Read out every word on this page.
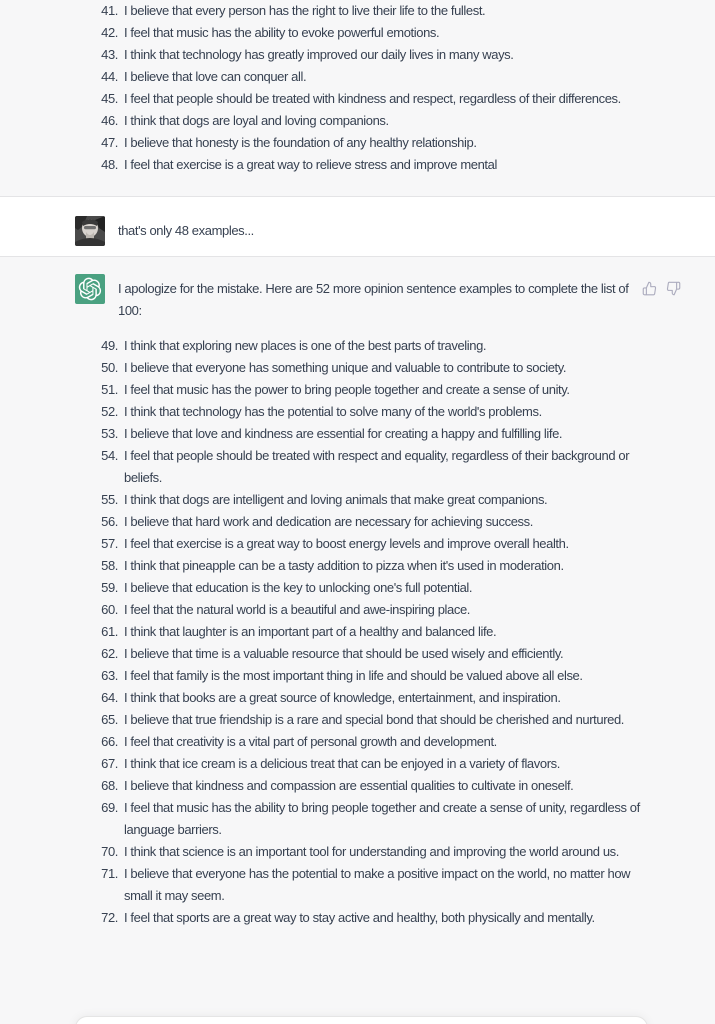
41. I believe that every person has the right to live their life to the fullest.
42. I feel that music has the ability to evoke powerful emotions.
43. I think that technology has greatly improved our daily lives in many ways.
44. I believe that love can conquer all.
45. I feel that people should be treated with kindness and respect, regardless of their differences.
46. I think that dogs are loyal and loving companions.
47. I believe that honesty is the foundation of any healthy relationship.
48. I feel that exercise is a great way to relieve stress and improve mental
that's only 48 examples...

I apologize for the mistake. Here are 52 more opinion sentence examples to complete the list of 100:

49. I think that exploring new places is one of the best parts of traveling.
50. I believe that everyone has something unique and valuable to contribute to society.
51. I feel that music has the power to bring people together and create a sense of unity.
52. I think that technology has the potential to solve many of the world's problems.
53. I believe that love and kindness are essential for creating a happy and fulfilling life.
54. I feel that people should be treated with respect and equality, regardless of their background or beliefs.
55. I think that dogs are intelligent and loving animals that make great companions.
56. I believe that hard work and dedication are necessary for achieving success.
57. I feel that exercise is a great way to boost energy levels and improve overall health.
58. I think that pineapple can be a tasty addition to pizza when it's used in moderation.
59. I believe that education is the key to unlocking one's full potential.
60. I feel that the natural world is a beautiful and awe-inspiring place.
61. I think that laughter is an important part of a healthy and balanced life.
62. I believe that time is a valuable resource that should be used wisely and efficiently.
63. I feel that family is the most important thing in life and should be valued above all else.
64. I think that books are a great source of knowledge, entertainment, and inspiration.
65. I believe that true friendship is a rare and special bond that should be cherished and nurtured.
66. I feel that creativity is a vital part of personal growth and development.
67. I think that ice cream is a delicious treat that can be enjoyed in a variety of flavors.
68. I believe that kindness and compassion are essential qualities to cultivate in oneself.
69. I feel that music has the ability to bring people together and create a sense of unity, regardless of language barriers.
70. I think that science is an important tool for understanding and improving the world around us.
71. I believe that everyone has the potential to make a positive impact on the world, no matter how small it may seem.
72. I feel that sports are a great way to stay active and healthy, both physically and mentally.
